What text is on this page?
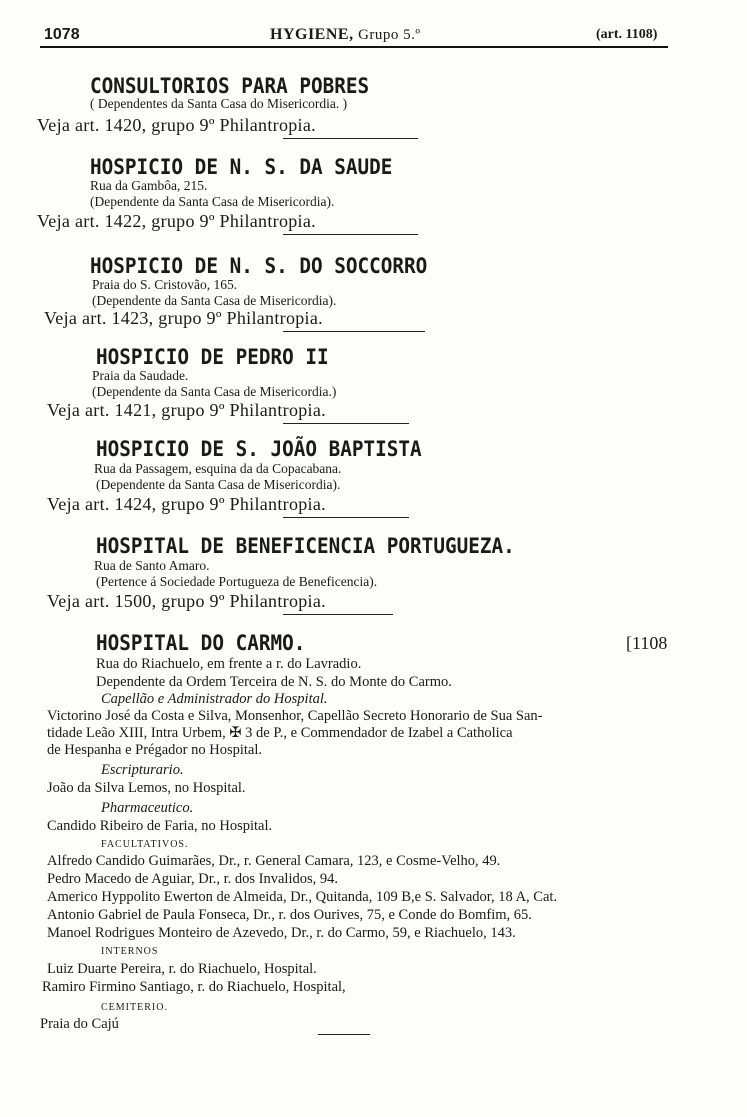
1078	HYGIENE, Grupo 5.º	(art. 1108)
CONSULTORIOS PARA POBRES
( Dependentes da Santa Casa do Misericordia. )
Veja art. 1420, grupo 9º Philantropia.
HOSPICIO DE N. S. DA SAUDE
Rua da Gambôa, 215.
(Dependente da Santa Casa de Misericordia).
Veja art. 1422, grupo 9º Philantropia.
HOSPICIO DE N. S. DO SOCCORRO
Praia do S. Cristovão, 165.
(Dependente da Santa Casa de Misericordia).
Veja art. 1423, grupo 9º Philantropia.
HOSPICIO DE PEDRO II
Praia da Saudade.
(Dependente da Santa Casa de Misericordia.)
Veja art. 1421, grupo 9º Philantropia.
HOSPICIO DE S. JOÃO BAPTISTA
Rua da Passagem, esquina da da Copacabana.
(Dependente da Santa Casa de Misericordia).
Veja art. 1424, grupo 9º Philantropia.
HOSPITAL DE BENEFICENCIA PORTUGUEZA.
Rua de Santo Amaro.
(Pertence á Sociedade Portugueza de Beneficencia).
Veja art. 1500, grupo 9º Philantropia.
HOSPITAL DO CARMO.	[1108
Rua do Riachuelo, em frente a r. do Lavradio.
Dependente da Ordem Terceira de N. S. do Monte do Carmo.
Capellão e Administrador do Hospital.
Victorino José da Costa e Silva, Monsenhor, Capellão Secreto Honorario de Sua San-
tidade Leão XIII, Intra Urbem, ✠ 3 de P., e Commendador de Izabel a Catholica
de Hespanha e Prégador no Hospital.
Escripturario.
João da Silva Lemos, no Hospital.
Pharmaceutico.
Candido Ribeiro de Faria, no Hospital.
FACULTATIVOS.
Alfredo Candido Guimarães, Dr., r. General Camara, 123, e Cosme-Velho, 49.
Pedro Macedo de Aguiar, Dr., r. dos Invalidos, 94.
Americo Hyppolito Ewerton de Almeida, Dr., Quitanda, 109 B,e S. Salvador, 18 A, Cat.
Antonio Gabriel de Paula Fonseca, Dr., r. dos Ourives, 75, e Conde do Bomfim, 65.
Manoel Rodrigues Monteiro de Azevedo, Dr., r. do Carmo, 59, e Riachuelo, 143.
INTERNOS
Luiz Duarte Pereira, r. do Riachuelo, Hospital.
Ramiro Firmino Santiago, r. do Riachuelo, Hospital,
CEMITERIO.
Praia do Cajú
